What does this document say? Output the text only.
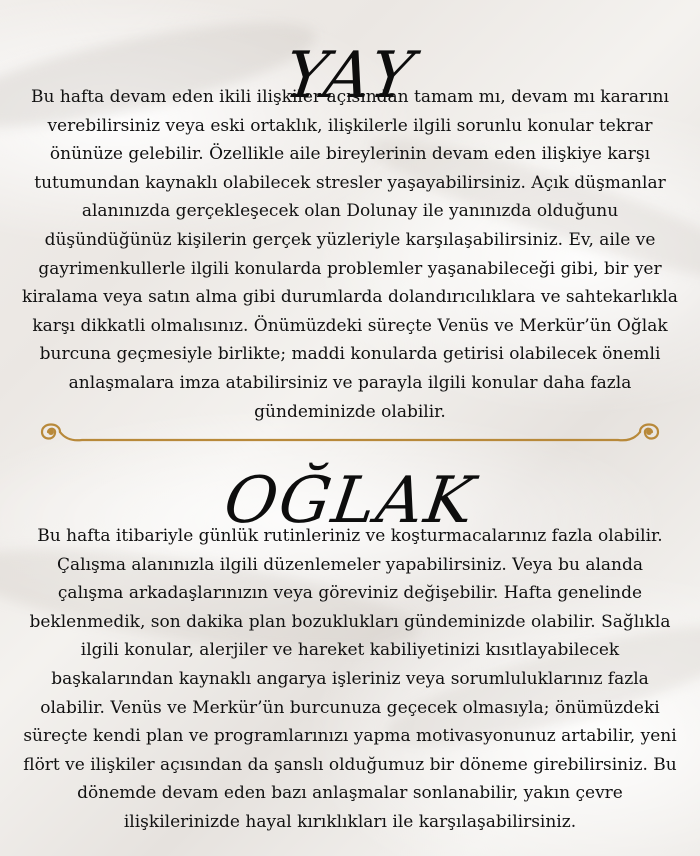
YAY

Bu hafta devam eden ikili ilişkiler açısından tamam mı, devam mı kararını verebilirsiniz veya eski ortaklık, ilişkilerle ilgili sorunlu konular tekrar önünüze gelebilir. Özellikle aile bireylerinin devam eden ilişkiye karşı tutumundan kaynaklı olabilecek stresler yaşayabilirsiniz. Açık düşmanlar alanınızda gerçekleşecek olan Dolunay ile yanınızda olduğunu düşündüğünüz kişilerin gerçek yüzleriyle karşılaşabilirsiniz. Ev, aile ve gayrimenkullerle ilgili konularda problemler yaşanabileceği gibi, bir yer kiralama veya satın alma gibi durumlarda dolandırıcılıklara ve sahtekarlıkla karşı dikkatli olmalısınız. Önümüzdeki süreçte Venüs ve Merkür’ün Oğlak burcuna geçmesiyle birlikte; maddi konularda getirisi olabilecek önemli anlaşmalara imza atabilirsiniz ve parayla ilgili konular daha fazla gündeminizde olabilir.

OĞLAK

Bu hafta itibariyle günlük rutinleriniz ve koşturmacalarınız fazla olabilir. Çalışma alanınızla ilgili düzenlemeler yapabilirsiniz. Veya bu alanda çalışma arkadaşlarınızın veya göreviniz değişebilir. Hafta genelinde beklenmedik, son dakika plan bozuklukları gündeminizde olabilir. Sağlıkla ilgili konular, alerjiler ve hareket kabiliyetinizi kısıtlayabilecek başkalarından kaynaklı angarya işleriniz veya sorumluluklarınız fazla olabilir. Venüs ve Merkür’ün burcunuza geçecek olmasıyla; önümüzdeki süreçte kendi plan ve programlarınızı yapma motivasyonunuz artabilir, yeni flört ve ilişkiler açısından da şanslı olduğumuz bir döneme girebilirsiniz. Bu dönemde devam eden bazı anlaşmalar sonlanabilir, yakın çevre ilişkilerinizde hayal kırıklıkları ile karşılaşabilirsiniz.
